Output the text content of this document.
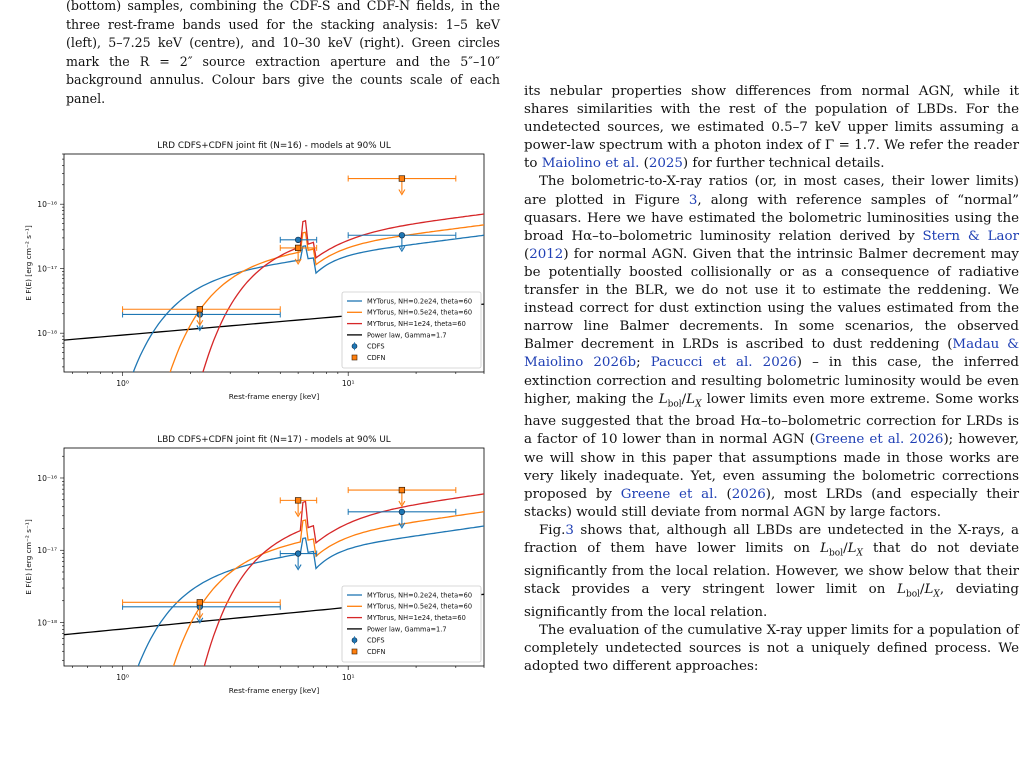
(bottom) samples, combining the CDF-S and CDF-N fields, in the three rest-frame bands used for the stacking analysis: 1–5 keV (left), 5–7.25 keV (centre), and 10–30 keV (right). Green circles mark the R = 2″ source extraction aperture and the 5″–10″ background annulus. Colour bars give the counts scale of each panel.

LRD CDFS+CDFN joint fit (N=16) - models at 90% UL
10⁰	10¹
10⁻¹⁸
10⁻¹⁷
10⁻¹⁶
Rest-frame energy [keV]
E F(E) [erg cm⁻² s⁻¹]
MYTorus, NH=0.2e24, theta=60
MYTorus, NH=0.5e24, theta=60
MYTorus, NH=1e24, theta=60
Power law, Gamma=1.7
CDFS
CDFN
LBD CDFS+CDFN joint fit (N=17) - models at 90% UL
10⁰	10¹
10⁻¹⁸
10⁻¹⁷
10⁻¹⁶
Rest-frame energy [keV]
E F(E) [erg cm⁻² s⁻¹]
MYTorus, NH=0.2e24, theta=60
MYTorus, NH=0.5e24, theta=60
MYTorus, NH=1e24, theta=60
Power law, Gamma=1.7
CDFS
CDFN

its nebular properties show differences from normal AGN, while it shares similarities with the rest of the population of LBDs. For the undetected sources, we estimated 0.5–7 keV upper limits assuming a power-law spectrum with a photon index of Γ = 1.7. We refer the reader to Maiolino et al. (2025) for further technical details.

The bolometric-to-X-ray ratios (or, in most cases, their lower limits) are plotted in Figure 3, along with reference samples of “normal” quasars. Here we have estimated the bolometric luminosities using the broad Hα–to–bolometric luminosity relation derived by Stern & Laor (2012) for normal AGN. Given that the intrinsic Balmer decrement may be potentially boosted collisionally or as a consequence of radiative transfer in the BLR, we do not use it to estimate the reddening. We instead correct for dust extinction using the values estimated from the narrow line Balmer decrements. In some scenarios, the observed Balmer decrement in LRDs is ascribed to dust reddening (Madau & Maiolino 2026b; Pacucci et al. 2026) – in this case, the inferred extinction correction and resulting bolometric luminosity would be even higher, making the $L_{bol}/L_X$ lower limits even more extreme. Some works have suggested that the broad Hα–to–bolometric correction for LRDs is a factor of 10 lower than in normal AGN (Greene et al. 2026); however, we will show in this paper that assumptions made in those works are very likely inadequate. Yet, even assuming the bolometric corrections proposed by Greene et al. (2026), most LRDs (and especially their stacks) would still deviate from normal AGN by large factors.

Fig.3 shows that, although all LBDs are undetected in the X-rays, a fraction of them have lower limits on $L_{bol}/L_X$ that do not deviate significantly from the local relation. However, we show below that their stack provides a very stringent lower limit on $L_{bol}/L_X$, deviating significantly from the local relation.

The evaluation of the cumulative X-ray upper limits for a population of completely undetected sources is not a uniquely defined process. We adopted two different approaches:
